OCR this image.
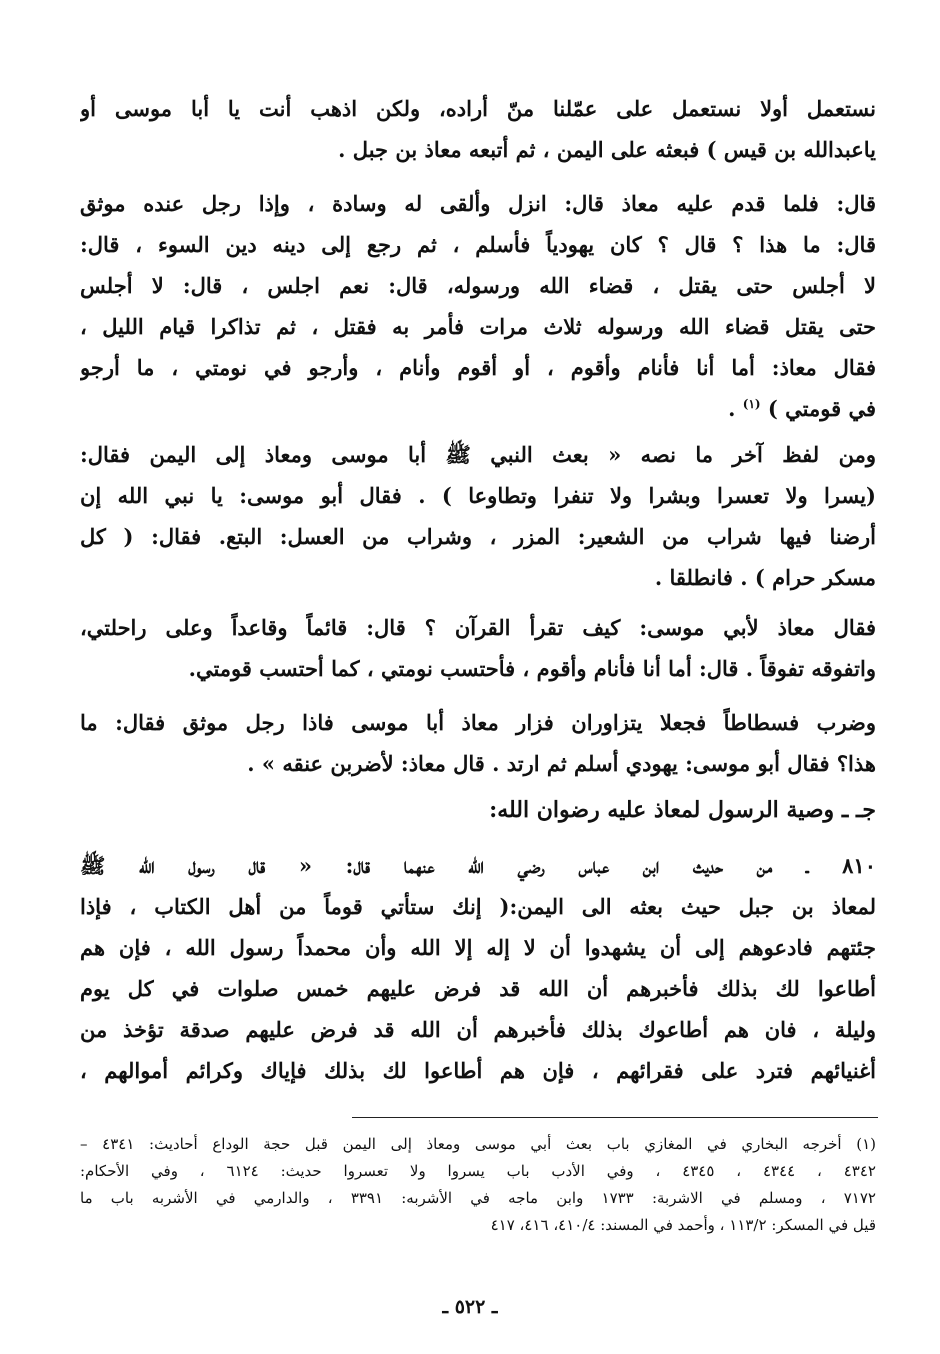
نستعمل أولا نستعمل على عمّلنا منّ أراده، ولكن اذهب أنت يا أبا موسى أو
ياعبدالله بن قيس ) فبعثه على اليمن ، ثم أتبعه معاذ بن جبل .
قال: فلما قدم عليه معاذ قال: انزل وألقى له وسادة ، وإذا رجل عنده موثق
قال: ما هذا ؟ قال ؟ كان يهودياً فأسلم ، ثم رجع إلى دينه دين السوء ، قال:
لا أجلس حتى يقتل ، قضاء الله ورسوله، قال: نعم اجلس ، قال: لا أجلس
حتى يقتل قضاء الله ورسوله ثلاث مرات فأمر به فقتل ، ثم تذاكرا قيام الليل ،
فقال معاذ: أما أنا فأنام وأقوم ، أو أقوم وأنام ، وأرجو في نومتي ، ما أرجو
في قومتي ) $^{(١)}$ .
ومن لفظ آخر ما نصه « بعث النبي ﷺ أبا موسى ومعاذ إلى اليمن فقال:
(يسرا ولا تعسرا وبشرا ولا تنفرا وتطاوعا ) . فقال أبو موسى: يا نبي الله إن
أرضنا فيها شراب من الشعير: المزر ، وشراب من العسل: البتع. فقال: ( كل
مسكر حرام ) . فانطلقا .
فقال معاذ لأبي موسى: كيف تقرأ القرآن ؟ قال: قائماً وقاعداً وعلى راحلتي،
واتفوقه تفوقاً . قال: أما أنا فأنام وأقوم ، فأحتسب نومتي ، كما أحتسب قومتي.
وضرب فسطاطاً فجعلا يتزاوران فزار معاذ أبا موسى فاذا رجل موثق فقال: ما
هذا؟ فقال أبو موسى: يهودي أسلم ثم ارتد . قال معاذ: لأضربن عنقه » .
جـ ـ وصية الرسول لمعاذ عليه رضوان الله:
٨١٠ ـ من حديث ابن عباس رضي الله عنهما قال: « قال رسول الله ﷺ
لمعاذ بن جبل حيث بعثه الى اليمن:( إنك ستأتي قوماً من أهل الكتاب ، فإذا
جئتهم فادعوهم إلى أن يشهدوا أن لا إله إلا الله وأن محمداً رسول الله ، فإن هم
أطاعوا لك بذلك فأخبرهم أن الله قد فرض عليهم خمس صلوات في كل يوم
وليلة ، فان هم أطاعوك بذلك فأخبرهم أن الله قد فرض عليهم صدقة تؤخذ من
أغنيائهم فترد على فقرائهم ، فإن هم أطاعوا لك بذلك فإياك وكرائم أموالهم ،
(١) أخرجه البخاري في المغازي باب بعث أبي موسى ومعاذ إلى اليمن قبل حجة الوداع أحاديث: ٤٣٤١ –
٤٣٤٢ ، ٤٣٤٤ ، ٤٣٤٥ ، وفي الأدب باب يسروا ولا تعسروا حديث: ٦١٢٤ ، وفي الأحكام:
٧١٧٢ ، ومسلم في الاشربة: ١٧٣٣ وابن ماجه في الأشربه: ٣٣٩١ ، والدارمي في الأشربه باب ما
قيل في المسكر: ١١٣/٢ ، وأحمد في المسند: ٤١٠/٤، ٤١٦، ٤١٧
ـ ٥٢٢ ـ
